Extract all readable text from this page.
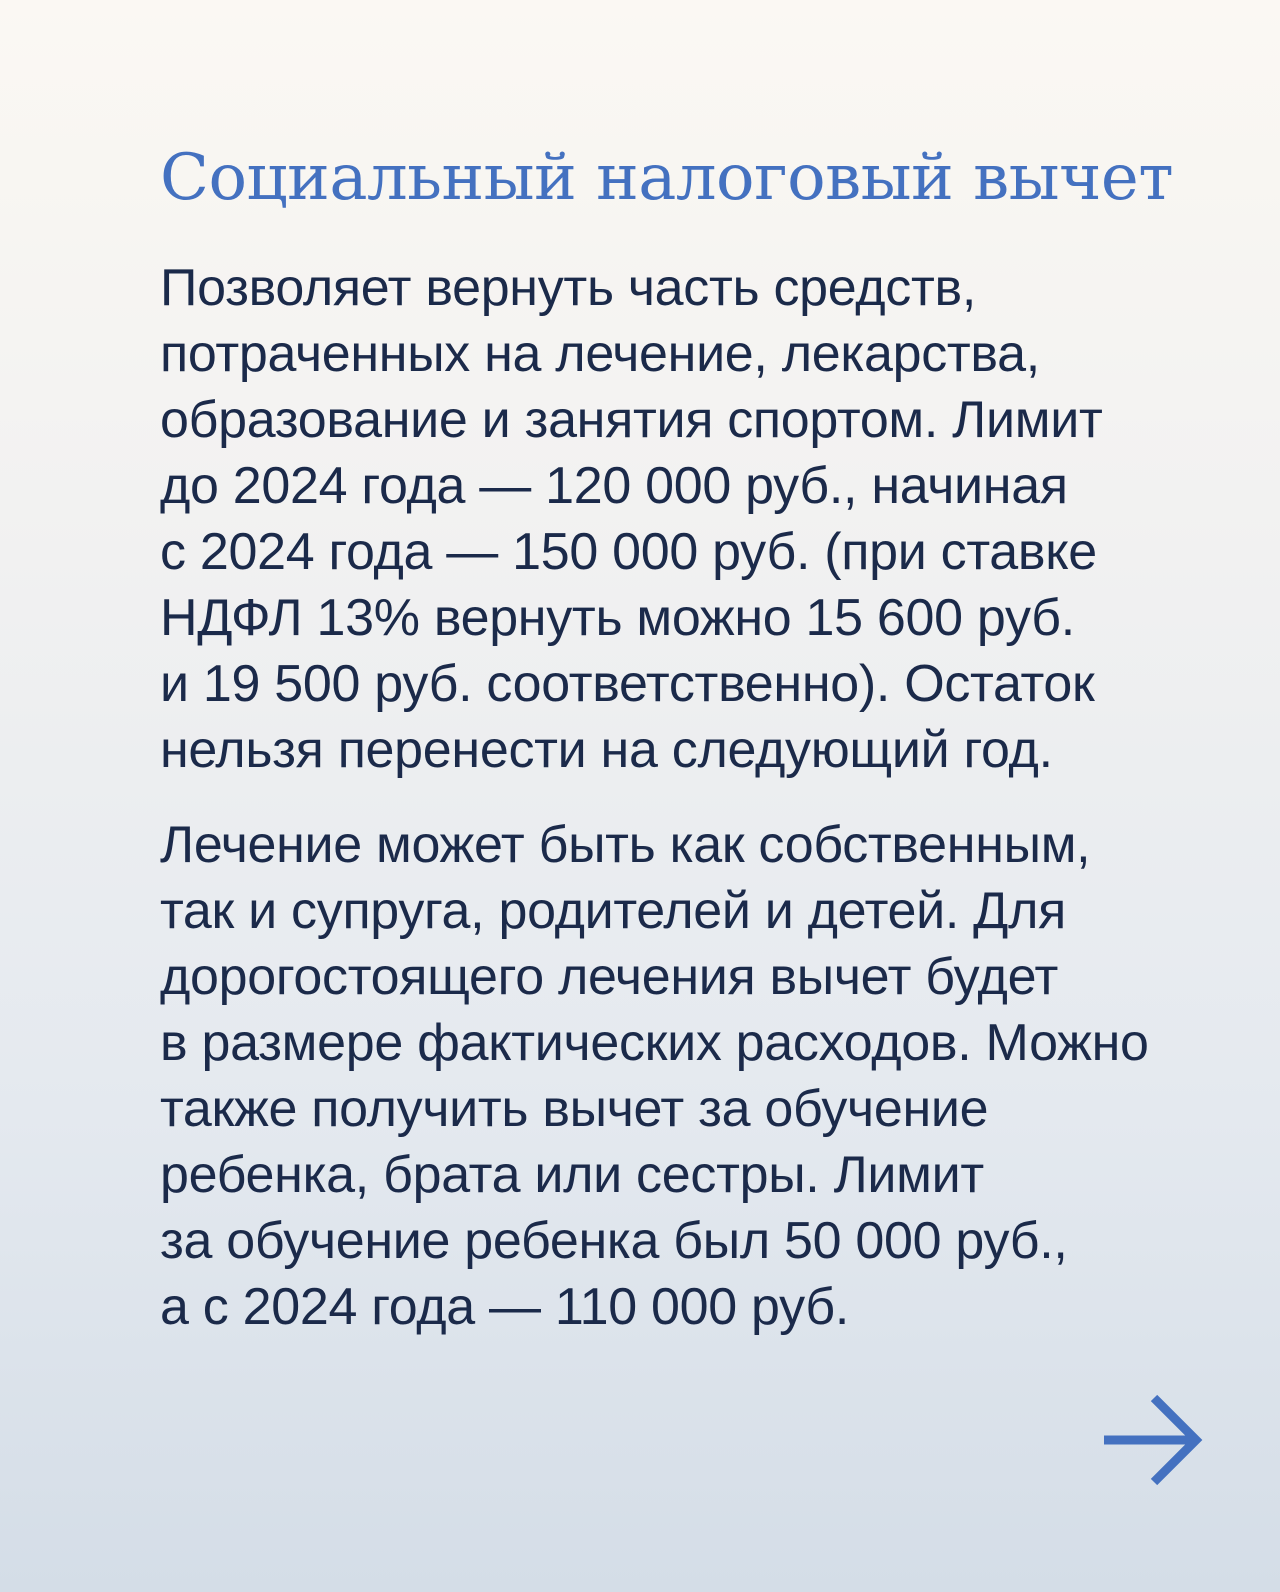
Социальный налоговый вычет

Позволяет вернуть часть средств,
потраченных на лечение, лекарства,
образование и занятия спортом. Лимит
до 2024 года — 120 000 руб., начиная
с 2024 года — 150 000 руб. (при ставке
НДФЛ 13% вернуть можно 15 600 руб.
и 19 500 руб. соответственно). Остаток
нельзя перенести на следующий год.

Лечение может быть как собственным,
так и супруга, родителей и детей. Для
дорогостоящего лечения вычет будет
в размере фактических расходов. Можно
также получить вычет за обучение
ребенка, брата или сестры. Лимит
за обучение ребенка был 50 000 руб.,
а с 2024 года — 110 000 руб.
